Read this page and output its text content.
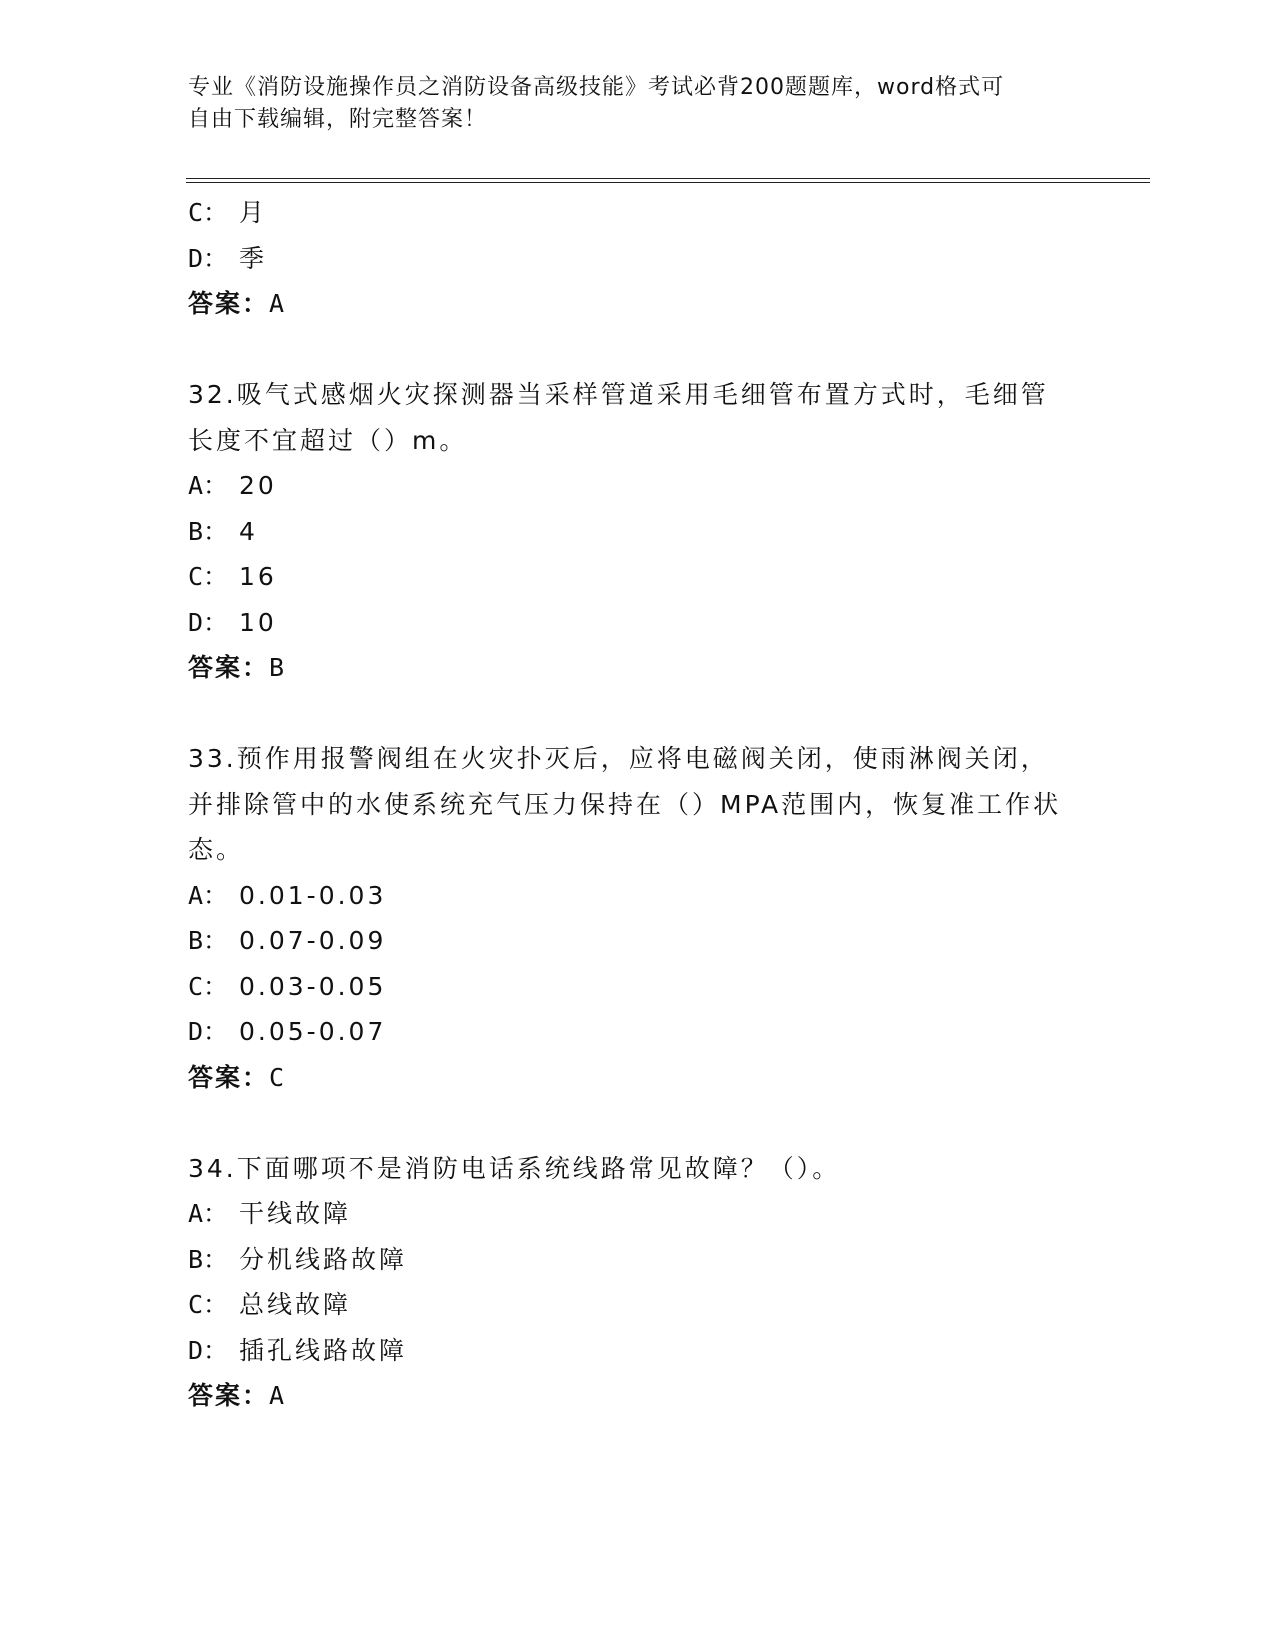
专业《消防设施操作员之消防设备高级技能》考试必背200题题库，word格式可
自由下载编辑，附完整答案！
C： 月
D： 季
答案：A
32.吸气式感烟火灾探测器当采样管道采用毛细管布置方式时，毛细管
长度不宜超过（）m。
A： 20
B： 4
C： 16
D： 10
答案：B
33.预作用报警阀组在火灾扑灭后，应将电磁阀关闭，使雨淋阀关闭，
并排除管中的水使系统充气压力保持在（）MPA范围内，恢复准工作状
态。
A： 0.01-0.03
B： 0.07-0.09
C： 0.03-0.05
D： 0.05-0.07
答案：C
34.下面哪项不是消防电话系统线路常见故障？（）。
A： 干线故障
B： 分机线路故障
C： 总线故障
D： 插孔线路故障
答案：A
